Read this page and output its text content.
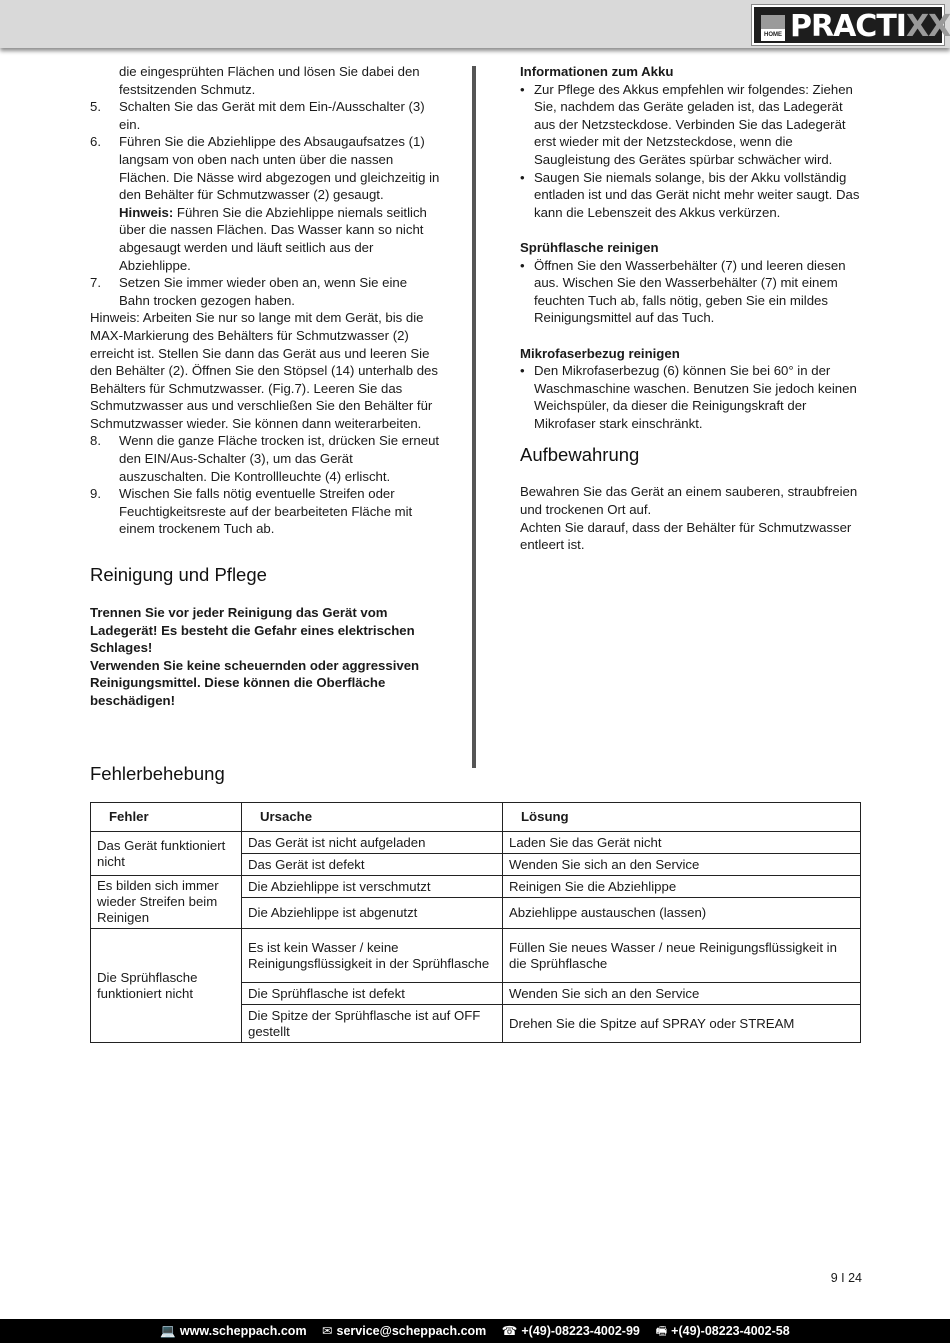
HOME PRACTIXX

die eingesprühten Flächen und lösen Sie dabei den festsitzenden Schmutz.

5. Schalten Sie das Gerät mit dem Ein-/Ausschalter (3) ein.

6. Führen Sie die Abziehlippe des Absaugaufsatzes (1) langsam von oben nach unten über die nassen Flächen. Die Nässe wird abgezogen und gleichzeitig in den Behälter für Schmutzwasser (2) gesaugt.

Hinweis: Führen Sie die Abziehlippe niemals seitlich über die nassen Flächen. Das Wasser kann so nicht abgesaugt werden und läuft seitlich aus der Abziehlippe.

7. Setzen Sie immer wieder oben an, wenn Sie eine Bahn trocken gezogen haben.

Hinweis: Arbeiten Sie nur so lange mit dem Gerät, bis die MAX-Markierung des Behälters für Schmutzwasser (2) erreicht ist. Stellen Sie dann das Gerät aus und leeren Sie den Behälter (2). Öffnen Sie den Stöpsel (14) unterhalb des Behälters für Schmutzwasser. (Fig.7). Leeren Sie das Schmutzwasser aus und verschließen Sie den Behälter für Schmutzwasser wieder. Sie können dann weiterarbeiten.

8. Wenn die ganze Fläche trocken ist, drücken Sie erneut den EIN/Aus-Schalter (3), um das Gerät auszuschalten. Die Kontrollleuchte (4) erlischt.

9. Wischen Sie falls nötig eventuelle Streifen oder Feuchtigkeitsreste auf der bearbeiteten Fläche mit einem trockenem Tuch ab.

Reinigung und Pflege

Trennen Sie vor jeder Reinigung das Gerät vom Ladegerät! Es besteht die Gefahr eines elektrischen Schlages!

Verwenden Sie keine scheuernden oder aggressiven Reinigungsmittel. Diese können die Oberfläche beschädigen!

Informationen zum Akku

• Zur Pflege des Akkus empfehlen wir folgendes: Ziehen Sie, nachdem das Geräte geladen ist, das Ladegerät aus der Netzsteckdose. Verbinden Sie das Ladegerät erst wieder mit der Netzsteckdose, wenn die Saugleistung des Gerätes spürbar schwächer wird.

• Saugen Sie niemals solange, bis der Akku vollständig entladen ist und das Gerät nicht mehr weiter saugt. Das kann die Lebenszeit des Akkus verkürzen.

Sprühflasche reinigen

• Öffnen Sie den Wasserbehälter (7) und leeren diesen aus. Wischen Sie den Wasserbehälter (7) mit einem feuchten Tuch ab, falls nötig, geben Sie ein mildes Reinigungsmittel auf das Tuch.

Mikrofaserbezug reinigen

• Den Mikrofaserbezug (6) können Sie bei 60° in der Waschmaschine waschen. Benutzen Sie jedoch keinen Weichspüler, da dieser die Reinigungskraft der Mikrofaser stark einschränkt.

Aufbewahrung

Bewahren Sie das Gerät an einem sauberen, straubfreien und trockenen Ort auf.

Achten Sie darauf, dass der Behälter für Schmutzwasser entleert ist.

Fehlerbehebung
Fehler	Ursache	Lösung
Das Gerät funktioniert nicht	Das Gerät ist nicht aufgeladen	Laden Sie das Gerät nicht
	Das Gerät ist defekt	Wenden Sie sich an den Service
Es bilden sich immer wieder Streifen beim Reinigen	Die Abziehlippe ist verschmutzt	Reinigen Sie die Abziehlippe
	Die Abziehlippe ist abgenutzt	Abziehlippe austauschen (lassen)
Die Sprühflasche funktioniert nicht	Es ist kein Wasser / keine Reinigungsflüssigkeit in der Sprühflasche	Füllen Sie neues Wasser / neue Reinigungsflüssigkeit in die Sprühflasche
	Die Sprühflasche ist defekt	Wenden Sie sich an den Service
	Die Spitze der Sprühflasche ist auf OFF gestellt	Drehen Sie die Spitze auf SPRAY oder STREAM
9 I 24
💻 www.scheppach.com ✉ service@scheppach.com ☎ +(49)-08223-4002-99 🖷 +(49)-08223-4002-58
